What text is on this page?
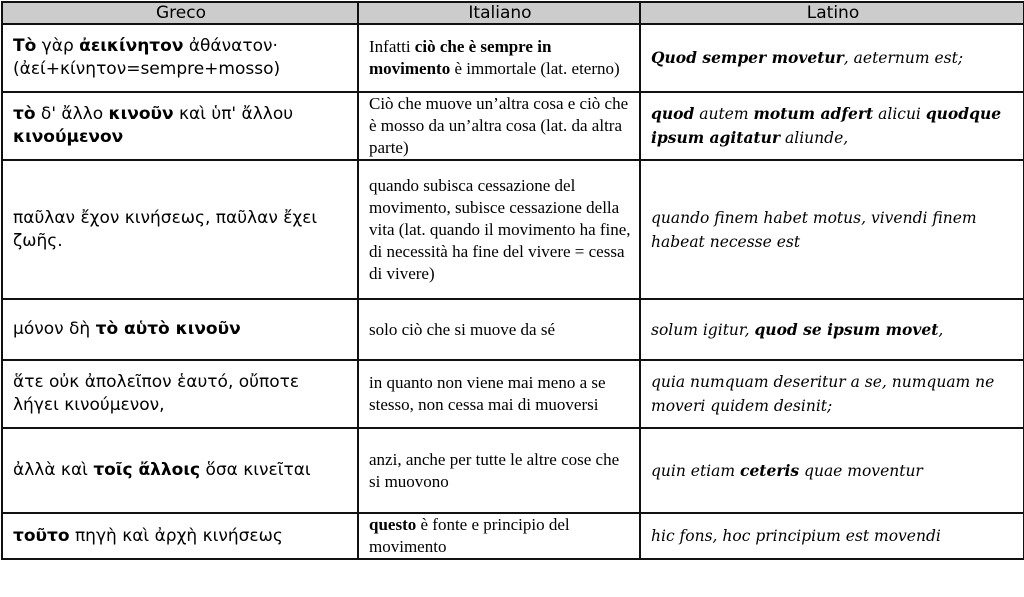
Greco	Italiano	Latino
Τὸ γὰρ ἀεικίνητον ἀθάνατον· (ἀεί+κίνητον=sempre+mosso)	Infatti ciò che è sempre in movimento è immortale (lat. eterno)	Quod semper movetur, aeternum est;
τὸ δ' ἄλλο κινοῦν καὶ ὑπ' ἄλλου κινούμενον	Ciò che muove un’altra cosa e ciò che è mosso da un’altra cosa (lat. da altra parte)	quod autem motum adfert alicui quodque ipsum agitatur aliunde,
παῦλαν ἔχον κινήσεως, παῦλαν ἔχει ζωῆς.	quando subisca cessazione del movimento, subisce cessazione della vita (lat. quando il movimento ha fine, di necessità ha fine del vivere = cessa di vivere)	quando finem habet motus, vivendi finem habeat necesse est
μόνον δὴ τὸ αὑτὸ κινοῦν	solo ciò che si muove da sé	solum igitur, quod se ipsum movet,
ἅτε οὐκ ἀπολεῖπον ἑαυτό, οὔποτε λήγει κινούμενον,	in quanto non viene mai meno a se stesso, non cessa mai di muoversi	quia numquam deseritur a se, numquam ne moveri quidem desinit;
ἀλλὰ καὶ τοῖς ἄλλοις ὅσα κινεῖται	anzi, anche per tutte le altre cose che si muovono	quin etiam ceteris quae moventur
τοῦτο πηγὴ καὶ ἀρχὴ κινήσεως	questo è fonte e principio del movimento	hic fons, hoc principium est movendi
